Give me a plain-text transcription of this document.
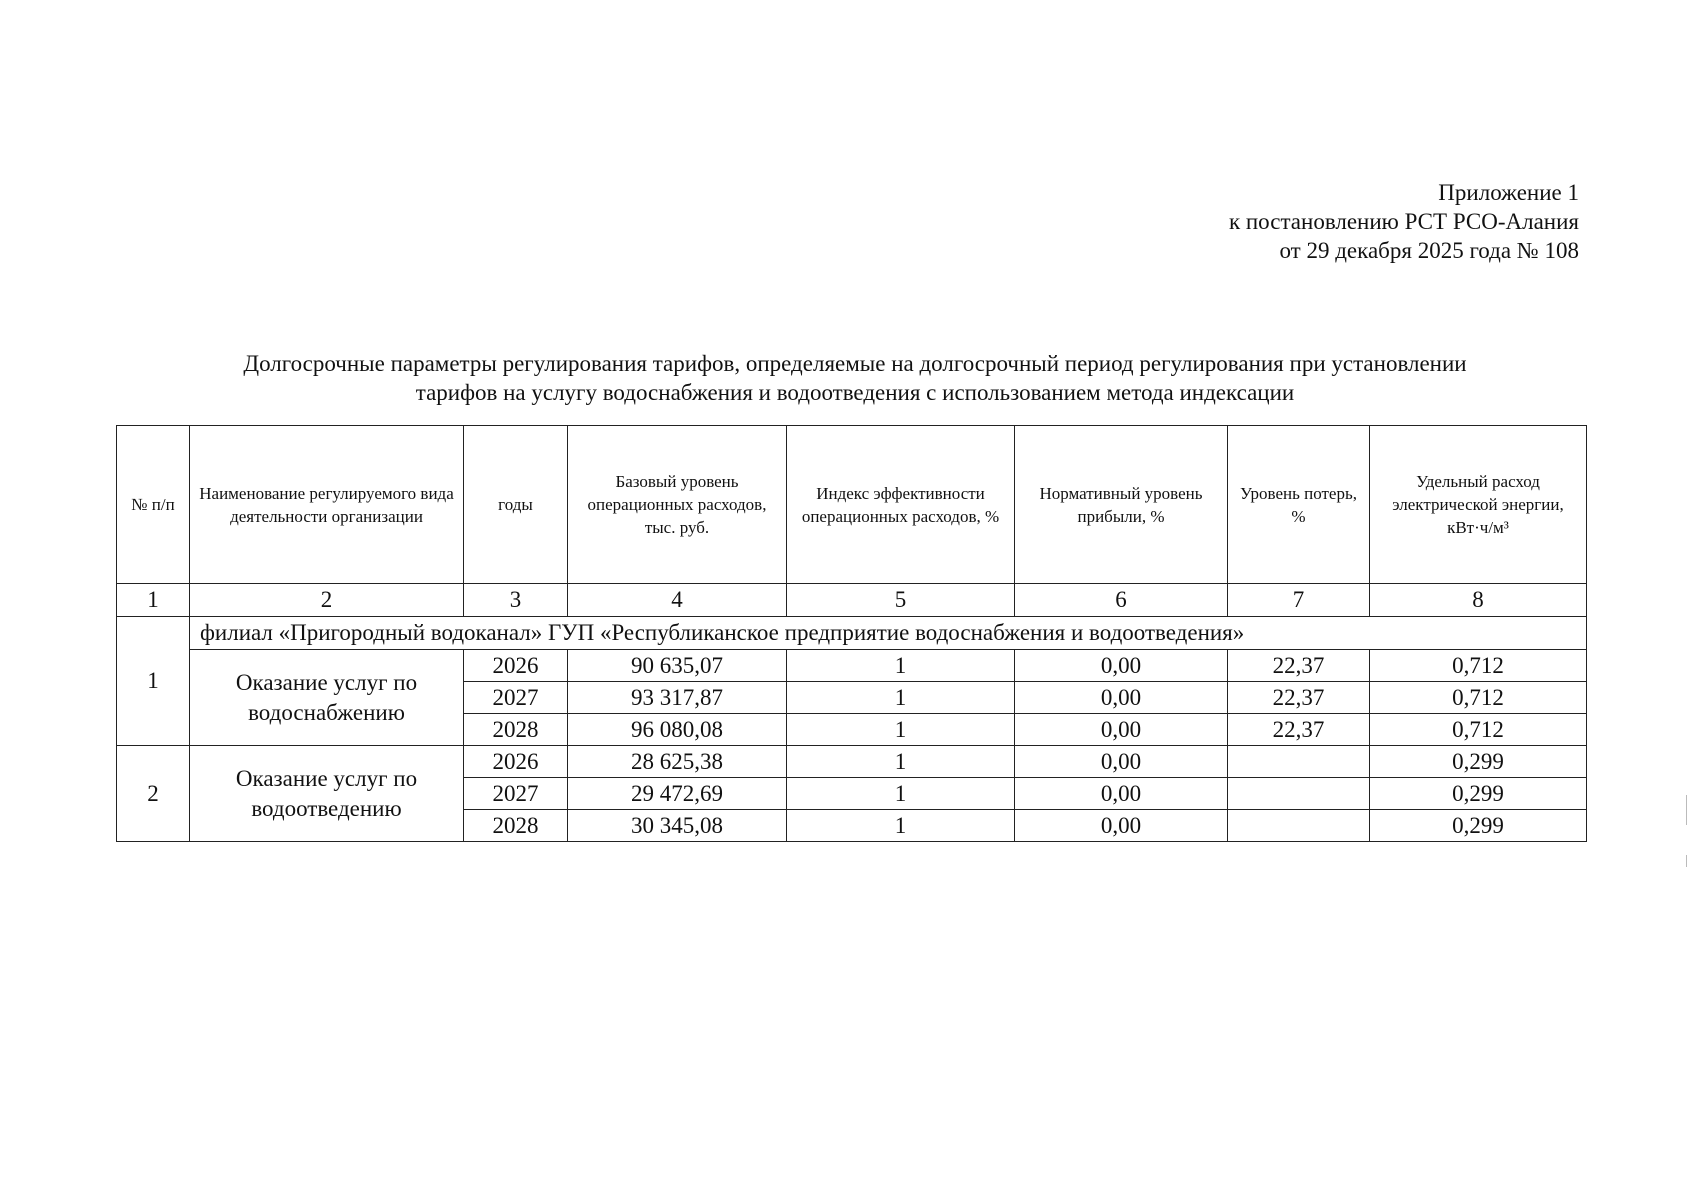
Приложение 1
к постановлению РСТ РСО-Алания
от 29 декабря 2025 года № 108
Долгосрочные параметры регулирования тарифов, определяемые на долгосрочный период регулирования при установлении
тарифов на услугу водоснабжения и водоотведения с использованием метода индексации
№ п/п	Наименование регулируемого вида деятельности организации	годы	Базовый уровень операционных расходов, тыс. руб.	Индекс эффективности операционных расходов, %	Нормативный уровень прибыли, %	Уровень потерь, %	Удельный расход электрической энергии, кВт·ч/м³
1	2	3	4	5	6	7	8
1	филиал «Пригородный водоканал» ГУП «Республиканское предприятие водоснабжения и водоотведения»						
	Оказание услуг по водоснабжению	2026	90 635,07	1	0,00	22,37	0,712
		2027	93 317,87	1	0,00	22,37	0,712
		2028	96 080,08	1	0,00	22,37	0,712
2	Оказание услуг по водоотведению	2026	28 625,38	1	0,00		0,299
		2027	29 472,69	1	0,00		0,299
		2028	30 345,08	1	0,00		0,299
